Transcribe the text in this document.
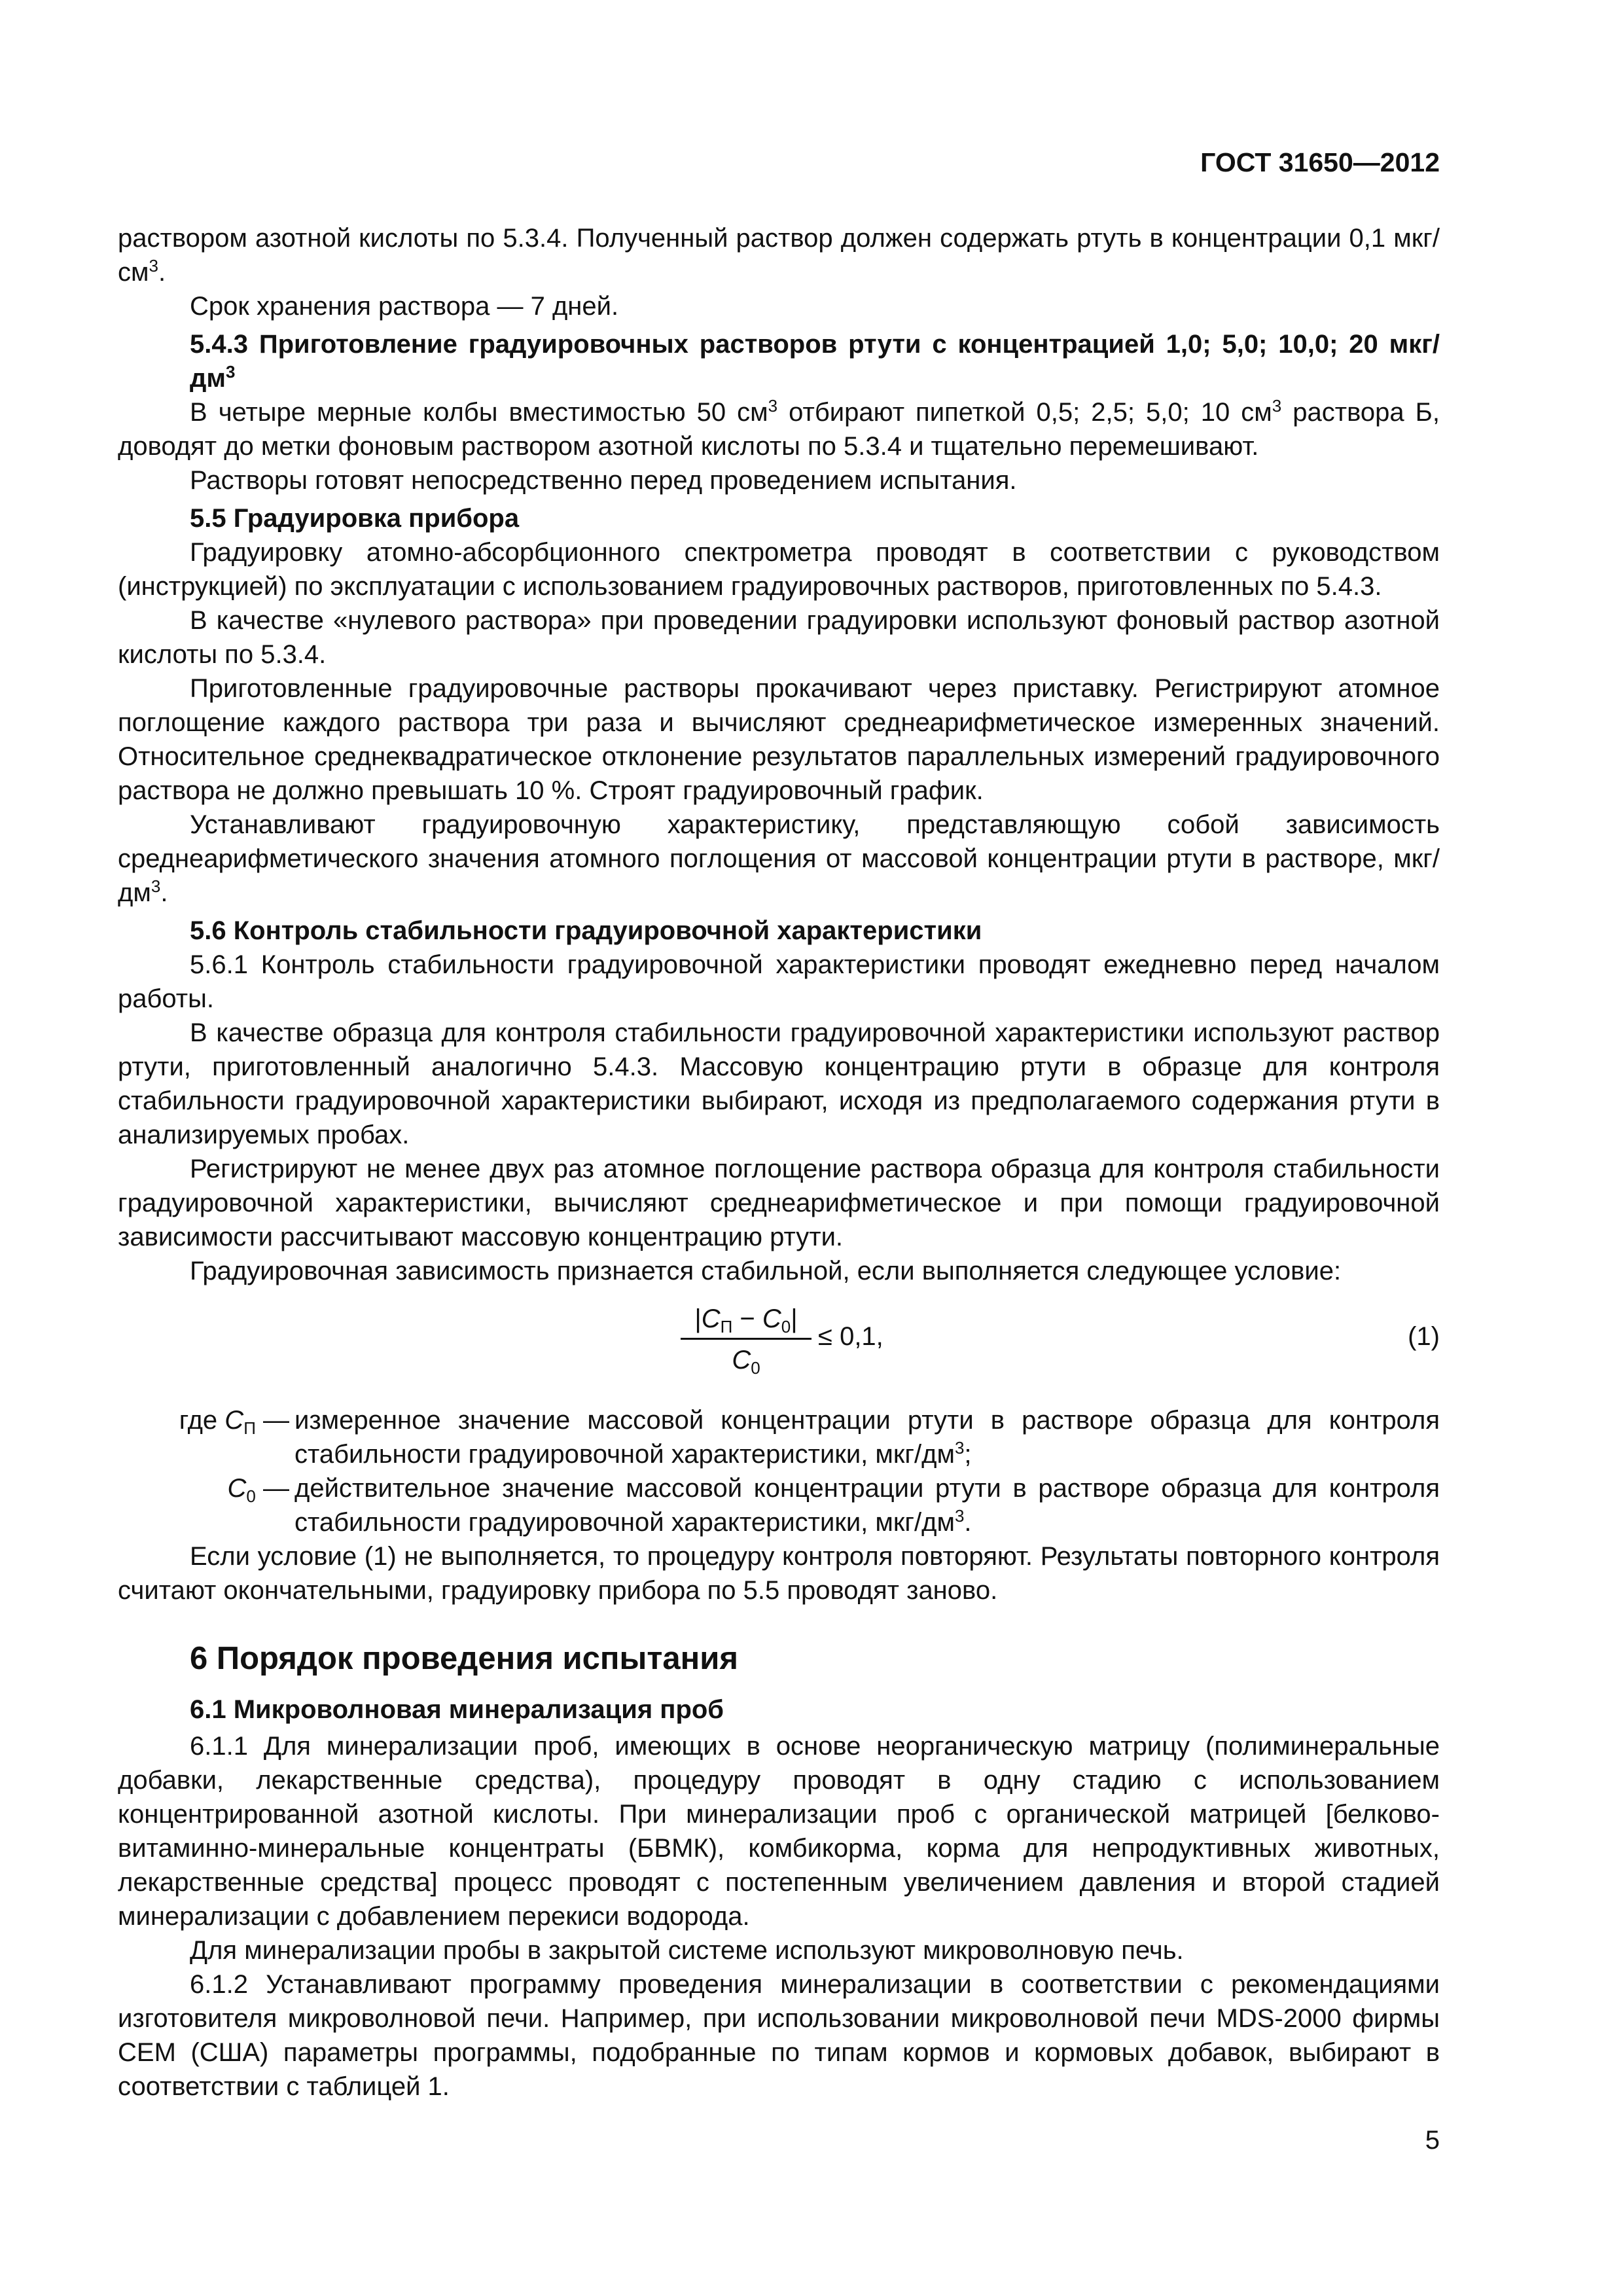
ГОСТ 31650—2012

раствором азотной кислоты по 5.3.4. Полученный раствор должен содержать ртуть в концентрации 0,1 мкг/$см^3$.

Срок хранения раствора — 7 дней.

5.4.3 Приготовление градуировочных растворов ртути с концентрацией 1,0; 5,0; 10,0; 20 мкг/$дм^3$

В четыре мерные колбы вместимостью 50 $см^3$ отбирают пипеткой 0,5; 2,5; 5,0; 10 $см^3$ раствора Б, доводят до метки фоновым раствором азотной кислоты по 5.3.4 и тщательно перемешивают.

Растворы готовят непосредственно перед проведением испытания.

5.5 Градуировка прибора

Градуировку атомно-абсорбционного спектрометра проводят в соответствии с руководством (инструкцией) по эксплуатации с использованием градуировочных растворов, приготовленных по 5.4.3.

В качестве «нулевого раствора» при проведении градуировки используют фоновый раствор азотной кислоты по 5.3.4.

Приготовленные градуировочные растворы прокачивают через приставку. Регистрируют атомное поглощение каждого раствора три раза и вычисляют среднеарифметическое измеренных значений. Относительное среднеквадратическое отклонение результатов параллельных измерений градуировочного раствора не должно превышать 10 %. Строят градуировочный график.

Устанавливают градуировочную характеристику, представляющую собой зависимость среднеарифметического значения атомного поглощения от массовой концентрации ртути в растворе, мкг/$дм^3$.

5.6 Контроль стабильности градуировочной характеристики

5.6.1 Контроль стабильности градуировочной характеристики проводят ежедневно перед началом работы.

В качестве образца для контроля стабильности градуировочной характеристики используют раствор ртути, приготовленный аналогично 5.4.3. Массовую концентрацию ртути в образце для контроля стабильности градуировочной характеристики выбирают, исходя из предполагаемого содержания ртути в анализируемых пробах.

Регистрируют не менее двух раз атомное поглощение раствора образца для контроля стабильности градуировочной характеристики, вычисляют среднеарифметическое и при помощи градуировочной зависимости рассчитывают массовую концентрацию ртути.

Градуировочная зависимость признается стабильной, если выполняется следующее условие:

$|C_П - C_0|$
$C_0$
≤ 0,1,	(1)
где $C_П$ — измеренное значение массовой концентрации ртути в растворе образца для контроля стабильности градуировочной характеристики, мкг/$дм^3$;
$C_0$ — действительное значение массовой концентрации ртути в растворе образца для контроля стабильности градуировочной характеристики, мкг/$дм^3$.

Если условие (1) не выполняется, то процедуру контроля повторяют. Результаты повторного контроля считают окончательными, градуировку прибора по 5.5 проводят заново.

6 Порядок проведения испытания

6.1 Микроволновая минерализация проб

6.1.1 Для минерализации проб, имеющих в основе неорганическую матрицу (полиминеральные добавки, лекарственные средства), процедуру проводят в одну стадию с использованием концентрированной азотной кислоты. При минерализации проб с органической матрицей [белково-витаминно-минеральные концентраты (БВМК), комбикорма, корма для непродуктивных животных, лекарственные средства] процесс проводят с постепенным увеличением давления и второй стадией минерализации с добавлением перекиси водорода.

Для минерализации пробы в закрытой системе используют микроволновую печь.

6.1.2 Устанавливают программу проведения минерализации в соответствии с рекомендациями изготовителя микроволновой печи. Например, при использовании микроволновой печи MDS-2000 фирмы CEM (США) параметры программы, подобранные по типам кормов и кормовых добавок, выбирают в соответствии с таблицей 1.

5
